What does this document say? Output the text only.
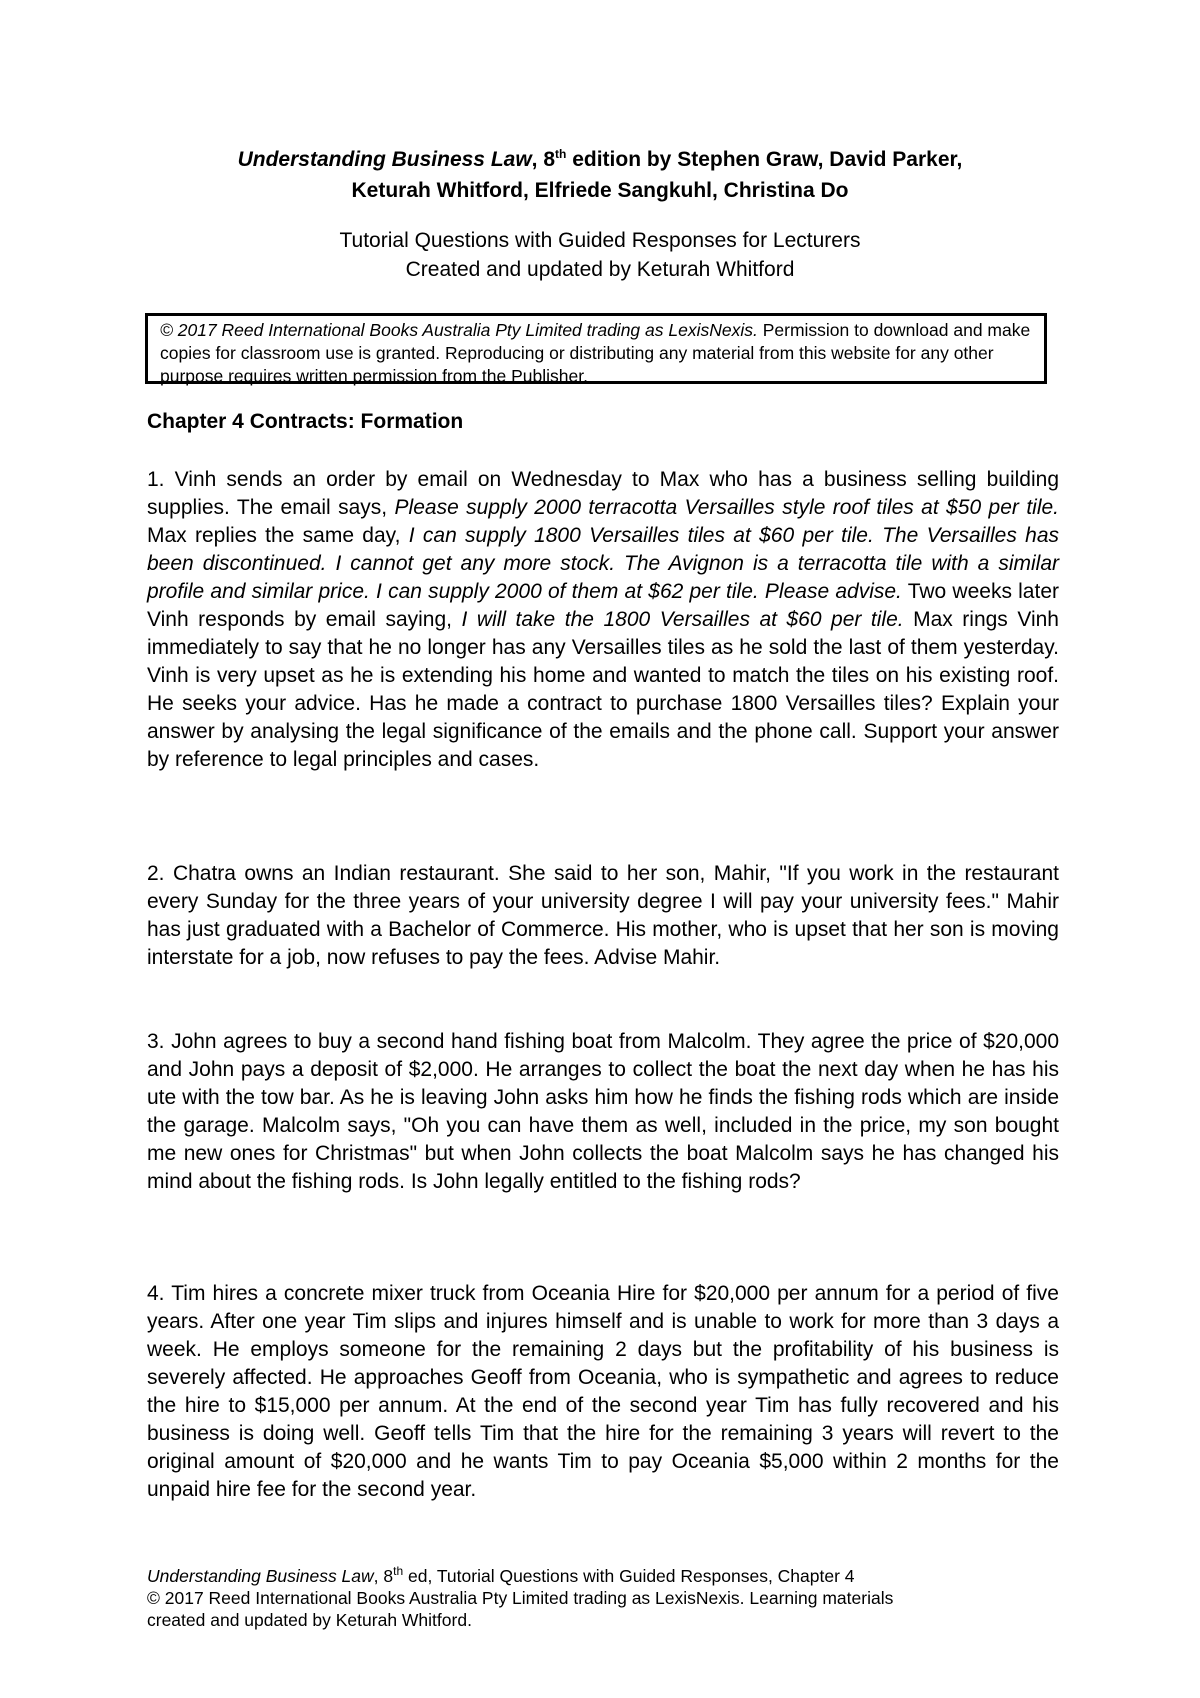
Understanding Business Law, 8th edition by Stephen Graw, David Parker,
Keturah Whitford, Elfriede Sangkuhl, Christina Do
Tutorial Questions with Guided Responses for Lecturers
Created and updated by Keturah Whitford
© 2017 Reed International Books Australia Pty Limited trading as LexisNexis. Permission to download and make copies for classroom use is granted. Reproducing or distributing any material from this website for any other purpose requires written permission from the Publisher.
Chapter 4 Contracts: Formation
1. Vinh sends an order by email on Wednesday to Max who has a business selling building supplies. The email says, Please supply 2000 terracotta Versailles style roof tiles at $50 per tile. Max replies the same day, I can supply 1800 Versailles tiles at $60 per tile. The Versailles has been discontinued. I cannot get any more stock. The Avignon is a terracotta tile with a similar profile and similar price. I can supply 2000 of them at $62 per tile. Please advise. Two weeks later Vinh responds by email saying, I will take the 1800 Versailles at $60 per tile. Max rings Vinh immediately to say that he no longer has any Versailles tiles as he sold the last of them yesterday. Vinh is very upset as he is extending his home and wanted to match the tiles on his existing roof. He seeks your advice. Has he made a contract to purchase 1800 Versailles tiles? Explain your answer by analysing the legal significance of the emails and the phone call. Support your answer by reference to legal principles and cases.
2. Chatra owns an Indian restaurant. She said to her son, Mahir, "If you work in the restaurant every Sunday for the three years of your university degree I will pay your university fees." Mahir has just graduated with a Bachelor of Commerce. His mother, who is upset that her son is moving interstate for a job, now refuses to pay the fees. Advise Mahir.
3. John agrees to buy a second hand fishing boat from Malcolm. They agree the price of $20,000 and John pays a deposit of $2,000. He arranges to collect the boat the next day when he has his ute with the tow bar. As he is leaving John asks him how he finds the fishing rods which are inside the garage. Malcolm says, "Oh you can have them as well, included in the price, my son bought me new ones for Christmas" but when John collects the boat Malcolm says he has changed his mind about the fishing rods. Is John legally entitled to the fishing rods?
4. Tim hires a concrete mixer truck from Oceania Hire for $20,000 per annum for a period of five years. After one year Tim slips and injures himself and is unable to work for more than 3 days a week. He employs someone for the remaining 2 days but the profitability of his business is severely affected. He approaches Geoff from Oceania, who is sympathetic and agrees to reduce the hire to $15,000 per annum. At the end of the second year Tim has fully recovered and his business is doing well. Geoff tells Tim that the hire for the remaining 3 years will revert to the original amount of $20,000 and he wants Tim to pay Oceania $5,000 within 2 months for the unpaid hire fee for the second year.
Understanding Business Law, 8th ed, Tutorial Questions with Guided Responses, Chapter 4
© 2017 Reed International Books Australia Pty Limited trading as LexisNexis. Learning materials
created and updated by Keturah Whitford.
